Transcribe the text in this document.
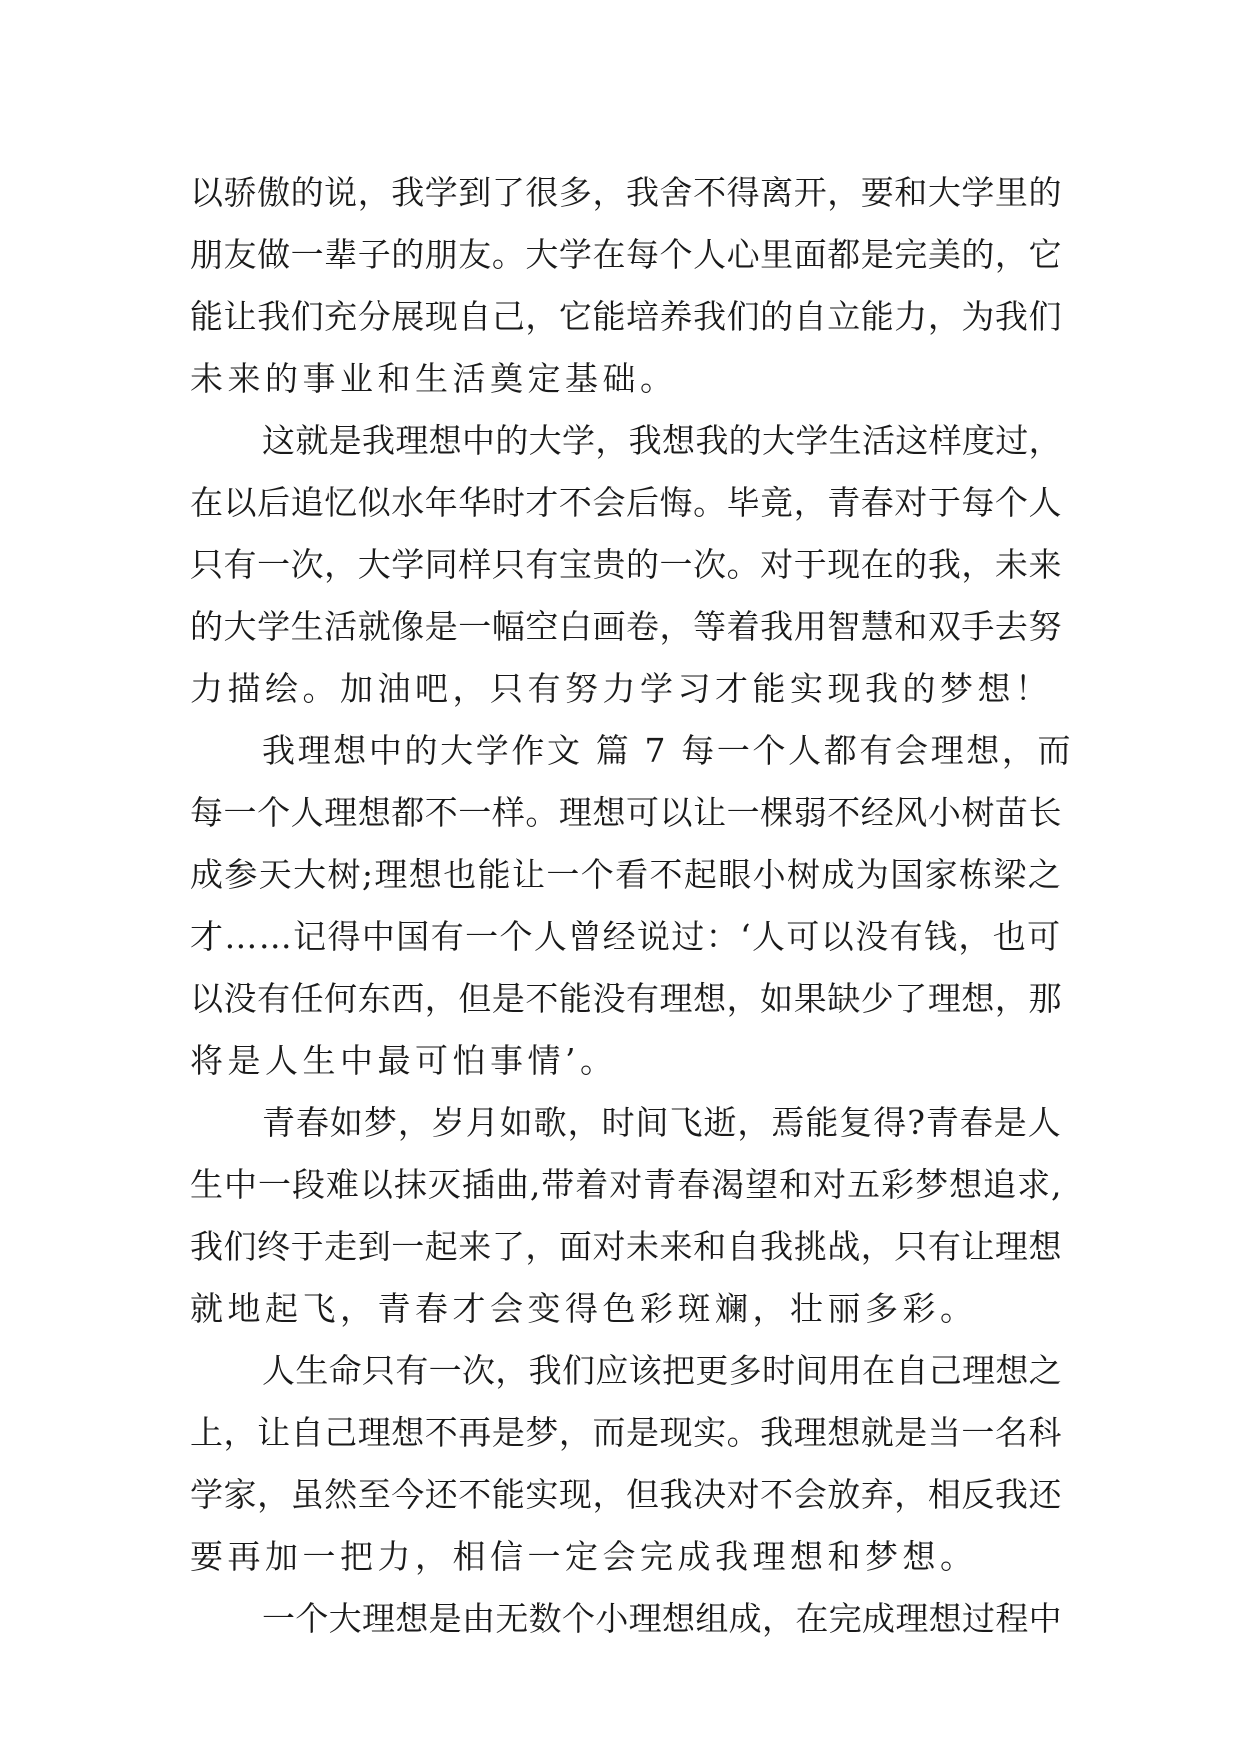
以骄傲的说，我学到了很多，我舍不得离开，要和大学里的
朋友做一辈子的朋友。大学在每个人心里面都是完美的，它
能让我们充分展现自己，它能培养我们的自立能力，为我们
未来的事业和生活奠定基础。
这就是我理想中的大学，我想我的大学生活这样度过，
在以后追忆似水年华时才不会后悔。毕竟，青春对于每个人
只有一次，大学同样只有宝贵的一次。对于现在的我，未来
的大学生活就像是一幅空白画卷，等着我用智慧和双手去努
力描绘。加油吧，只有努力学习才能实现我的梦想！
我理想中的大学作文 篇 7 每一个人都有会理想，而
每一个人理想都不一样。理想可以让一棵弱不经风小树苗长
成参天大树;理想也能让一个看不起眼小树成为国家栋梁之
才……记得中国有一个人曾经说过：‘人可以没有钱，也可
以没有任何东西，但是不能没有理想，如果缺少了理想，那
将是人生中最可怕事情’。
青春如梦，岁月如歌，时间飞逝，焉能复得?青春是人
生中一段难以抹灭插曲,带着对青春渴望和对五彩梦想追求,
我们终于走到一起来了，面对未来和自我挑战，只有让理想
就地起飞，青春才会变得色彩斑斓，壮丽多彩。
人生命只有一次，我们应该把更多时间用在自己理想之
上，让自己理想不再是梦，而是现实。我理想就是当一名科
学家，虽然至今还不能实现，但我决对不会放弃，相反我还
要再加一把力，相信一定会完成我理想和梦想。
一个大理想是由无数个小理想组成，在完成理想过程中
